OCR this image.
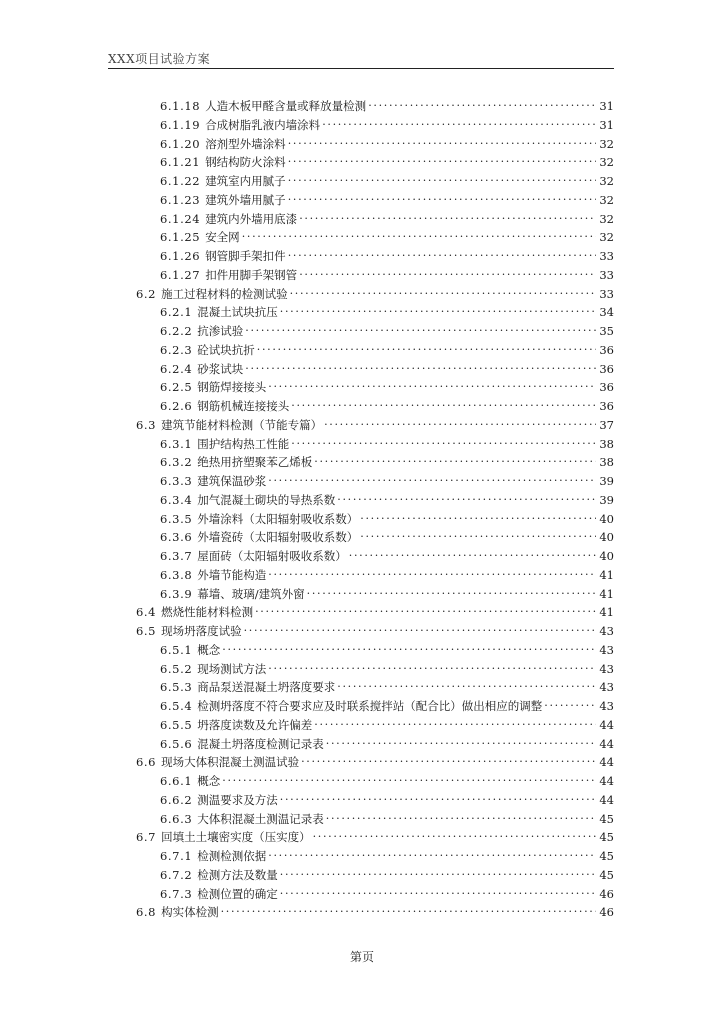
XXX项目试验方案
6.1.18 人造木板甲醛含量或释放量检测 . . .	31
6.1.19 合成树脂乳液内墙涂料 . . .	31
6.1.20 溶剂型外墙涂料 . . .	32
6.1.21 钢结构防火涂料 . . .	32
6.1.22 建筑室内用腻子 . . .	32
6.1.23 建筑外墙用腻子 . . .	32
6.1.24 建筑内外墙用底漆 . . .	32
6.1.25 安全网 . . .	32
6.1.26 钢管脚手架扣件 . . .	33
6.1.27 扣件用脚手架钢管 . . .	33
6.2 施工过程材料的检测试验 . . .	33
6.2.1 混凝土试块抗压 . . .	34
6.2.2 抗渗试验 . . .	35
6.2.3 砼试块抗折 . . .	36
6.2.4 砂浆试块 . . .	36
6.2.5 钢筋焊接接头 . . .	36
6.2.6 钢筋机械连接接头 . . .	36
6.3 建筑节能材料检测（节能专篇） . . .	37
6.3.1 围护结构热工性能 . . .	38
6.3.2 绝热用挤塑聚苯乙烯板 . . .	38
6.3.3 建筑保温砂浆 . . .	39
6.3.4 加气混凝土砌块的导热系数 . . .	39
6.3.5 外墙涂料（太阳辐射吸收系数） . . .	40
6.3.6 外墙瓷砖（太阳辐射吸收系数） . . .	40
6.3.7 屋面砖（太阳辐射吸收系数） . . .	40
6.3.8 外墙节能构造 . . .	41
6.3.9 幕墙、玻璃/建筑外窗 . . .	41
6.4 燃烧性能材料检测 . . .	41
6.5 现场坍落度试验 . . .	43
6.5.1 概念 . . .	43
6.5.2 现场测试方法 . . .	43
6.5.3 商品泵送混凝土坍落度要求 . . .	43
6.5.4 检测坍落度不符合要求应及时联系搅拌站（配合比）做出相应的调整 . . .	43
6.5.5 坍落度读数及允许偏差 . . .	44
6.5.6 混凝土坍落度检测记录表 . . .	44
6.6 现场大体积混凝土测温试验 . . .	44
6.6.1 概念 . . .	44
6.6.2 测温要求及方法 . . .	44
6.6.3 大体积混凝土测温记录表 . . .	45
6.7 回填土土壤密实度（压实度） . . .	45
6.7.1 检测检测依据 . . .	45
6.7.2 检测方法及数量 . . .	45
6.7.3 检测位置的确定 . . .	46
6.8 构实体检测 . . .	46
第页
